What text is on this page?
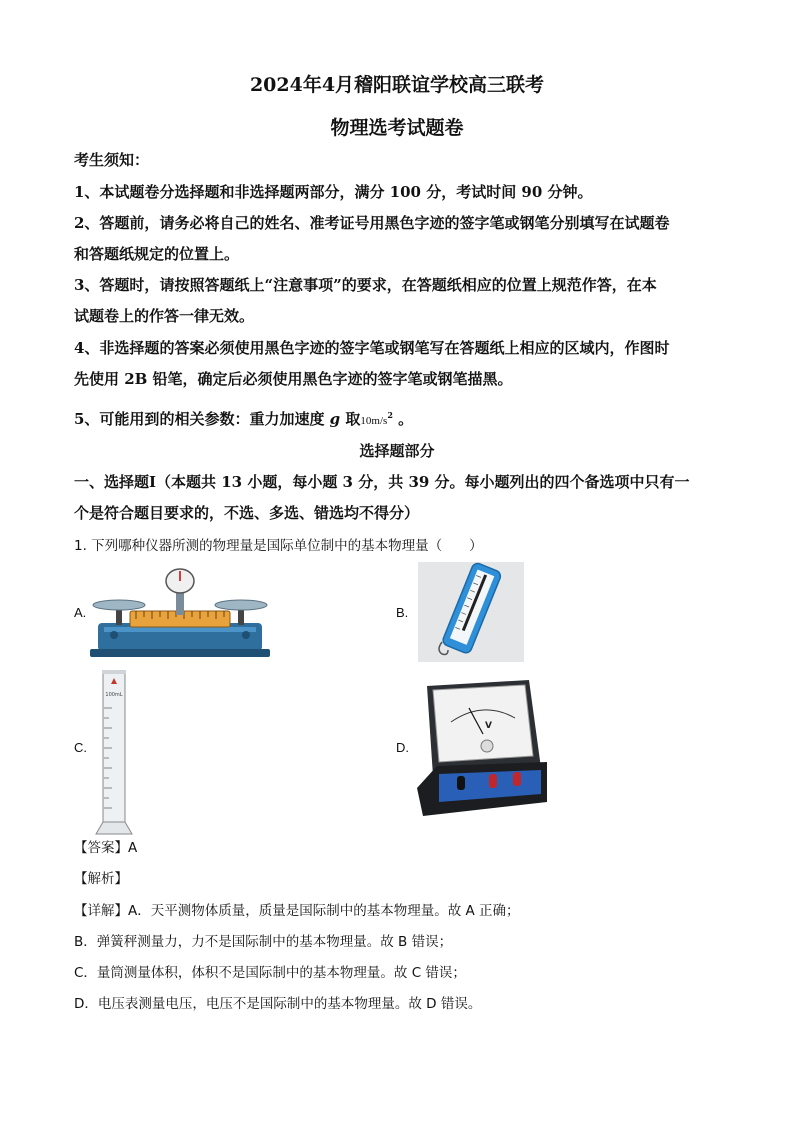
2024年4月稽阳联谊学校高三联考
物理选考试题卷
考生须知：
1、本试题卷分选择题和非选择题两部分，满分 100 分，考试时间 90 分钟。
2、答题前，请务必将自己的姓名、准考证号用黑色字迹的签字笔或钢笔分别填写在试题卷
和答题纸规定的位置上。
3、答题时，请按照答题纸上“注意事项”的要求，在答题纸相应的位置上规范作答，在本
试题卷上的作答一律无效。
4、非选择题的答案必须使用黑色字迹的签字笔或钢笔写在答题纸上相应的区域内，作图时
先使用 2B 铅笔，确定后必须使用黑色字迹的签字笔或钢笔描黑。
5、可能用到的相关参数：重力加速度 g 取$10m/s^2$ 。
选择题部分
一、选择题Ⅰ（本题共 13 小题，每小题 3 分，共 39 分。每小题列出的四个备选项中只有一
个是符合题目要求的，不选、多选、错选均不得分）
1. 下列哪种仪器所测的物理量是国际单位制中的基本物理量（　　）
A.	B.
C.
100mL
D.
V
【答案】A
【解析】
【详解】A．天平测物体质量，质量是国际制中的基本物理量。故 A 正确；
B．弹簧秤测量力，力不是国际制中的基本物理量。故 B 错误；
C．量筒测量体积，体积不是国际制中的基本物理量。故 C 错误；
D．电压表测量电压，电压不是国际制中的基本物理量。故 D 错误。
